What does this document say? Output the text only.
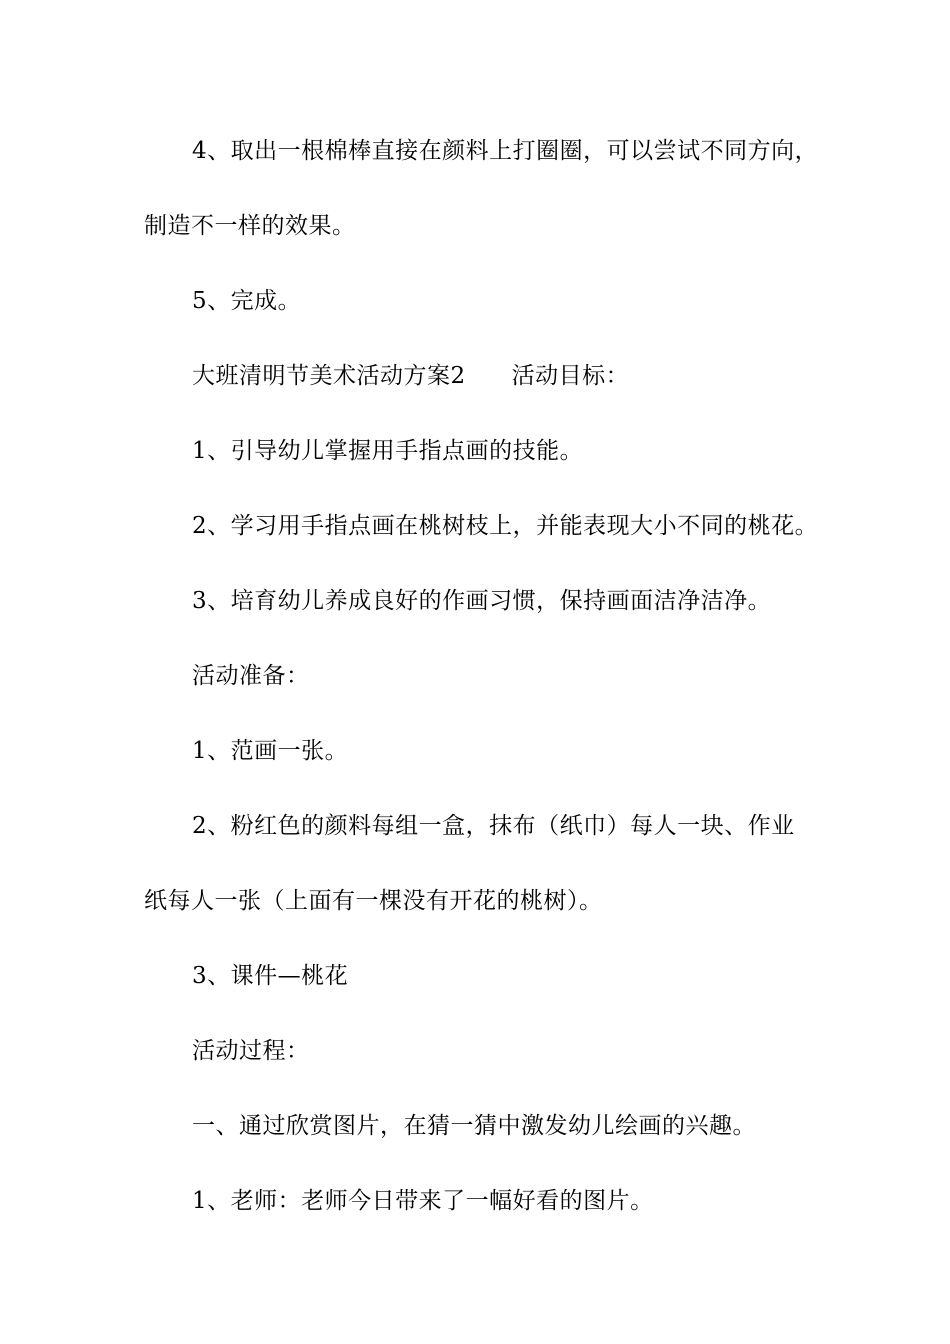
4、取出一根棉棒直接在颜料上打圈圈，可以尝试不同方向，
制造不一样的效果。
5、完成。
大班清明节美术活动方案2 活动目标：
1、引导幼儿掌握用手指点画的技能。
2、学习用手指点画在桃树枝上，并能表现大小不同的桃花。
3、培育幼儿养成良好的作画习惯，保持画面洁净洁净。
活动准备：
1、范画一张。
2、粉红色的颜料每组一盒，抹布（纸巾）每人一块、作业
纸每人一张（上面有一棵没有开花的桃树）。
3、课件—桃花
活动过程：
一、通过欣赏图片，在猜一猜中激发幼儿绘画的兴趣。
1、老师：老师今日带来了一幅好看的图片。
